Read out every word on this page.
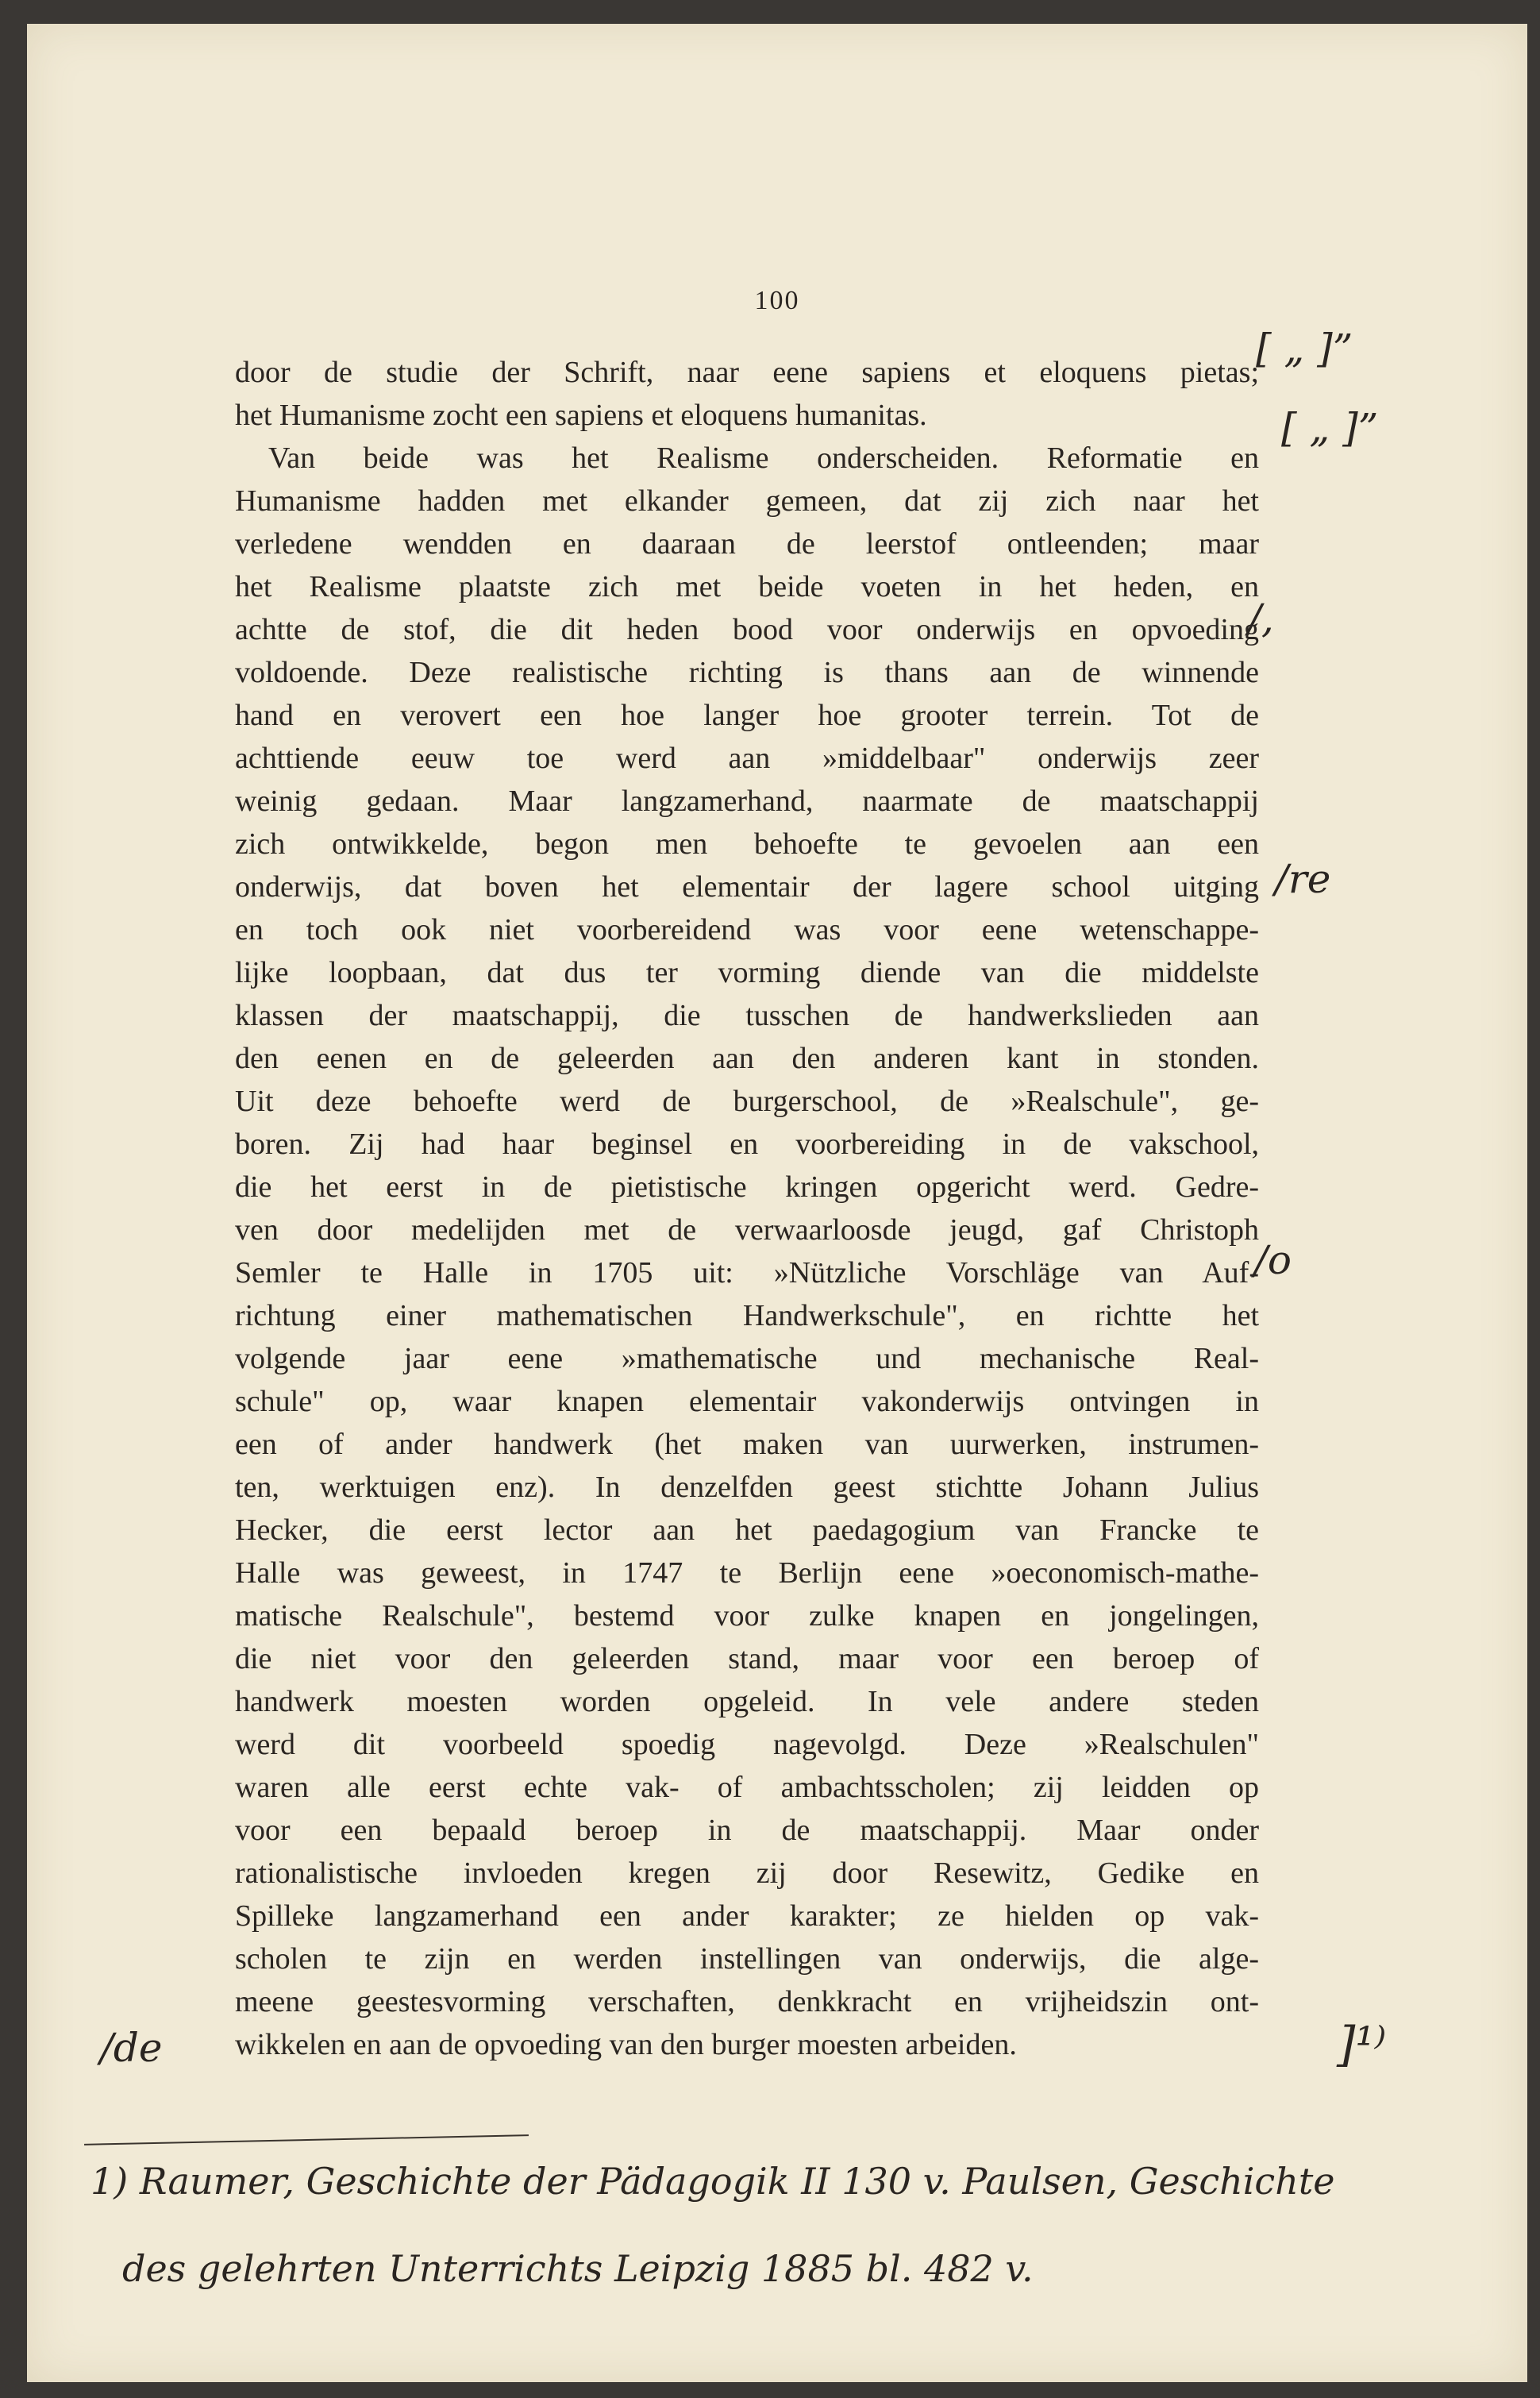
100
door de studie der Schrift, naar eene sapiens et eloquens pietas;
het Humanisme zocht een sapiens et eloquens humanitas.
Van beide was het Realisme onderscheiden. Reformatie en
Humanisme hadden met elkander gemeen, dat zij zich naar het
verledene wendden en daaraan de leerstof ontleenden; maar
het Realisme plaatste zich met beide voeten in het heden, en
achtte de stof, die dit heden bood voor onderwijs en opvoeding
voldoende. Deze realistische richting is thans aan de winnende
hand en verovert een hoe langer hoe grooter terrein. Tot de
achttiende eeuw toe werd aan »middelbaar" onderwijs zeer
weinig gedaan. Maar langzamerhand, naarmate de maatschappij
zich ontwikkelde, begon men behoefte te gevoelen aan een
onderwijs, dat boven het elementair der lagere school uitging
en toch ook niet voorbereidend was voor eene wetenschappe-
lijke loopbaan, dat dus ter vorming diende van die middelste
klassen der maatschappij, die tusschen de handwerkslieden aan
den eenen en de geleerden aan den anderen kant in stonden.
Uit deze behoefte werd de burgerschool, de »Realschule", ge-
boren. Zij had haar beginsel en voorbereiding in de vakschool,
die het eerst in de pietistische kringen opgericht werd. Gedre-
ven door medelijden met de verwaarloosde jeugd, gaf Christoph
Semler te Halle in 1705 uit: »Nützliche Vorschläge van Auf-
richtung einer mathematischen Handwerkschule", en richtte het
volgende jaar eene »mathematische und mechanische Real-
schule" op, waar knapen elementair vakonderwijs ontvingen in
een of ander handwerk (het maken van uurwerken, instrumen-
ten, werktuigen enz). In denzelfden geest stichtte Johann Julius
Hecker, die eerst lector aan het paedagogium van Francke te
Halle was geweest, in 1747 te Berlijn eene »oeconomisch-mathe-
matische Realschule", bestemd voor zulke knapen en jongelingen,
die niet voor den geleerden stand, maar voor een beroep of
handwerk moesten worden opgeleid. In vele andere steden
werd dit voorbeeld spoedig nagevolgd. Deze »Realschulen"
waren alle eerst echte vak- of ambachtsscholen; zij leidden op
voor een bepaald beroep in de maatschappij. Maar onder
rationalistische invloeden kregen zij door Resewitz, Gedike en
Spilleke langzamerhand een ander karakter; ze hielden op vak-
scholen te zijn en werden instellingen van onderwijs, die alge-
meene geestesvorming verschaften, denkkracht en vrijheidszin ont-
wikkelen en aan de opvoeding van den burger moesten arbeiden.
[ „ ]”
[ „ ]”
/,
/re
/o
/de	]¹⁾
1) Raumer, Geschichte der Pädagogik II 130 v. Paulsen, Geschichte
des gelehrten Unterrichts Leipzig 1885 bl. 482 v.
